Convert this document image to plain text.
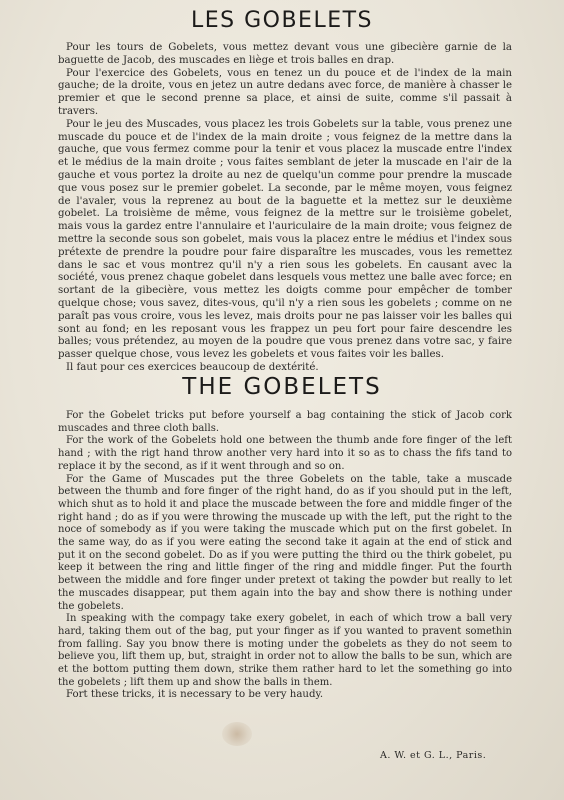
LES GOBELETS

Pour les tours de Gobelets, vous mettez devant vous une gibecière garnie de la baguette de Jacob, des muscades en liège et trois balles en drap.

Pour l'exercice des Gobelets, vous en tenez un du pouce et de l'index de la main gauche; de la droite, vous en jetez un autre dedans avec force, de manière à chasser le premier et que le second prenne sa place, et ainsi de suite, comme s'il passait à travers.

Pour le jeu des Muscades, vous placez les trois Gobelets sur la table, vous prenez une muscade du pouce et de l'index de la main droite ; vous feignez de la mettre dans la gauche, que vous fermez comme pour la tenir et vous placez la muscade entre l'index et le médius de la main droite ; vous faites semblant de jeter la muscade en l'air de la gauche et vous portez la droite au nez de quelqu'un comme pour prendre la muscade que vous posez sur le premier gobelet. La seconde, par le même moyen, vous feignez de l'avaler, vous la reprenez au bout de la baguette et la mettez sur le deuxième gobelet. La troisième de même, vous feignez de la mettre sur le troisième gobelet, mais vous la gardez entre l'annulaire et l'auriculaire de la main droite; vous feignez de mettre la seconde sous son gobelet, mais vous la placez entre le médius et l'index sous prétexte de prendre la poudre pour faire disparaître les muscades, vous les remettez dans le sac et vous montrez qu'il n'y a rien sous les gobelets. En causant avec la société, vous prenez chaque gobelet dans lesquels vous mettez une balle avec force; en sortant de la gibecière, vous mettez les doigts comme pour empêcher de tomber quelque chose; vous savez, dites-vous, qu'il n'y a rien sous les gobelets ; comme on ne paraît pas vous croire, vous les levez, mais droits pour ne pas laisser voir les balles qui sont au fond; en les reposant vous les frappez un peu fort pour faire descendre les balles; vous prétendez, au moyen de la poudre que vous prenez dans votre sac, y faire passer quelque chose, vous levez les gobelets et vous faites voir les balles.

Il faut pour ces exercices beaucoup de dextérité.

THE GOBELETS

For the Gobelet tricks put before yourself a bag containing the stick of Jacob cork muscades and three cloth balls.

For the work of the Gobelets hold one between the thumb ande fore finger of the left hand ; with the rigt hand throw another very hard into it so as to chass the fifs tand to replace it by the second, as if it went through and so on.

For the Game of Muscades put the three Gobelets on the table, take a muscade between the thumb and fore finger of the right hand, do as if you should put in the left, which shut as to hold it and place the muscade between the fore and middle finger of the right hand ; do as if you were throwing the muscade up with the left, put the right to the noce of somebody as if you were taking the muscade which put on the first gobelet. In the same way, do as if you were eating the second take it again at the end of stick and put it on the second gobelet. Do as if you were putting the third ou the thirk gobelet, pu keep it between the ring and little finger of the ring and middle finger. Put the fourth between the middle and fore finger under pretext ot taking the powder but really to let the muscades disappear, put them again into the bay and show there is nothing under the gobelets.

In speaking with the compagy take exery gobelet, in each of which trow a ball very hard, taking them out of the bag, put your finger as if you wanted to pravent somethin from falling. Say you bnow there is moting under the gobelets as they do not seem to believe you, lift them up, but, straight in order not to allow the balls to be sun, which are et the bottom putting them down, strike them rather hard to let the something go into the gobelets ; lift them up and show the balls in them.

Fort these tricks, it is necessary to be very haudy.

A. W. et G. L., Paris.
